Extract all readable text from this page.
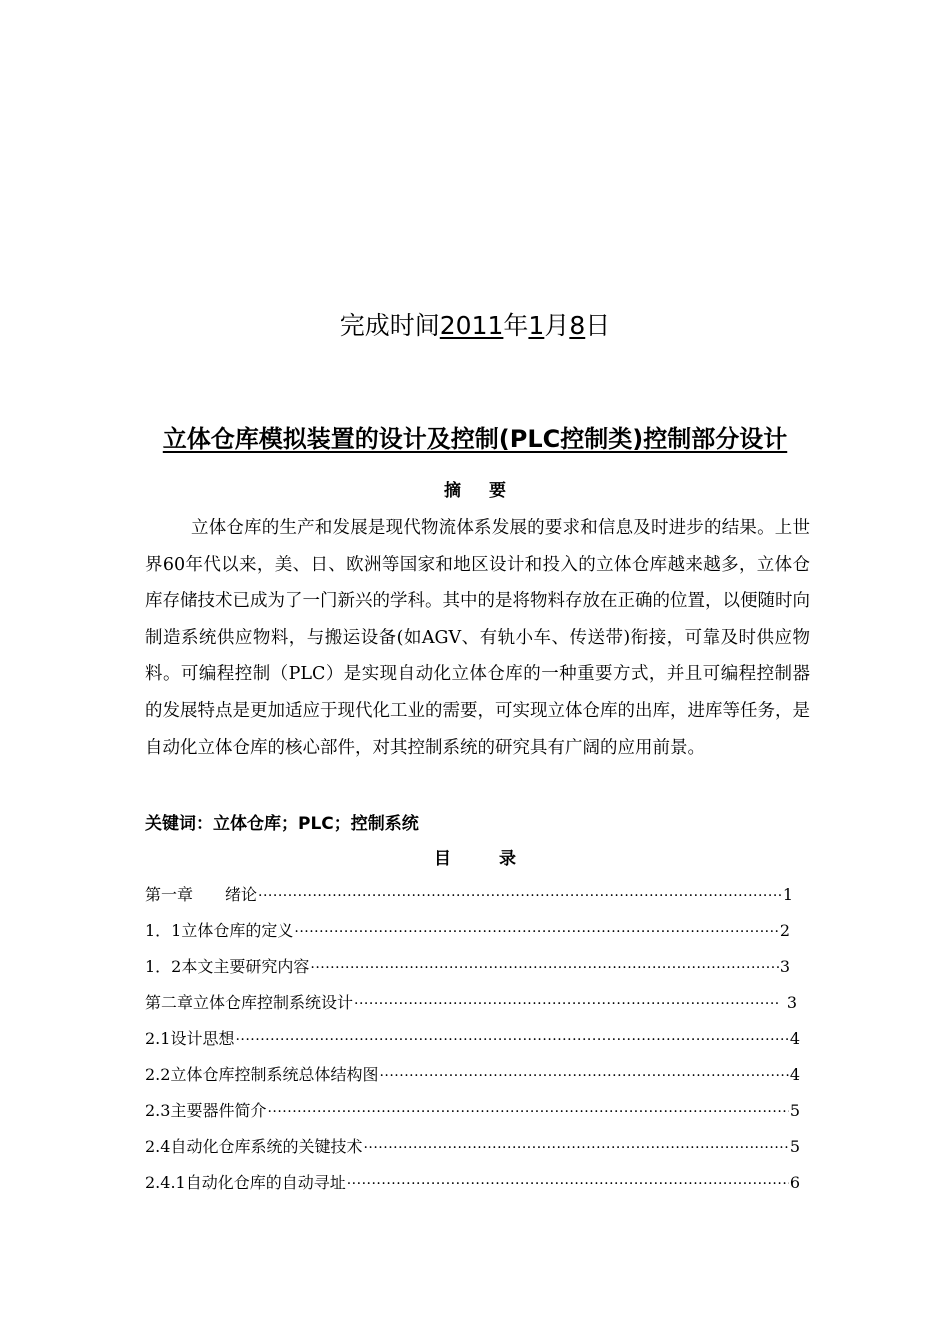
完成时间2011年1月8日
立体仓库模拟装置的设计及控制(PLC控制类)控制部分设计
摘要

立体仓库的生产和发展是现代物流体系发展的要求和信息及时进步的结果。上世界60年代以来，美、日、欧洲等国家和地区设计和投入的立体仓库越来越多，立体仓库存储技术已成为了一门新兴的学科。其中的是将物料存放在正确的位置，以便随时向制造系统供应物料，与搬运设备(如AGV、有轨小车、传送带)衔接，可靠及时供应物料。可编程控制（PLC）是实现自动化立体仓库的一种重要方式，并且可编程控制器的发展特点是更加适应于现代化工业的需要，可实现立体仓库的出库，进库等任务，是自动化立体仓库的核心部件，对其控制系统的研究具有广阔的应用前景。

关键词：立体仓库；PLC；控制系统
目录
第一章　　绪论 ·····	1
1．1立体仓库的定义 ·····	2
1．2本文主要研究内容 ·····	3
第二章立体仓库控制系统设计 ·····	3
2.1设计思想 ·····	4
2.2立体仓库控制系统总体结构图 ·····	4
2.3主要器件简介 ·····	5
2.4自动化仓库系统的关键技术 ·····	5
2.4.1自动化仓库的自动寻址 ·····	6
